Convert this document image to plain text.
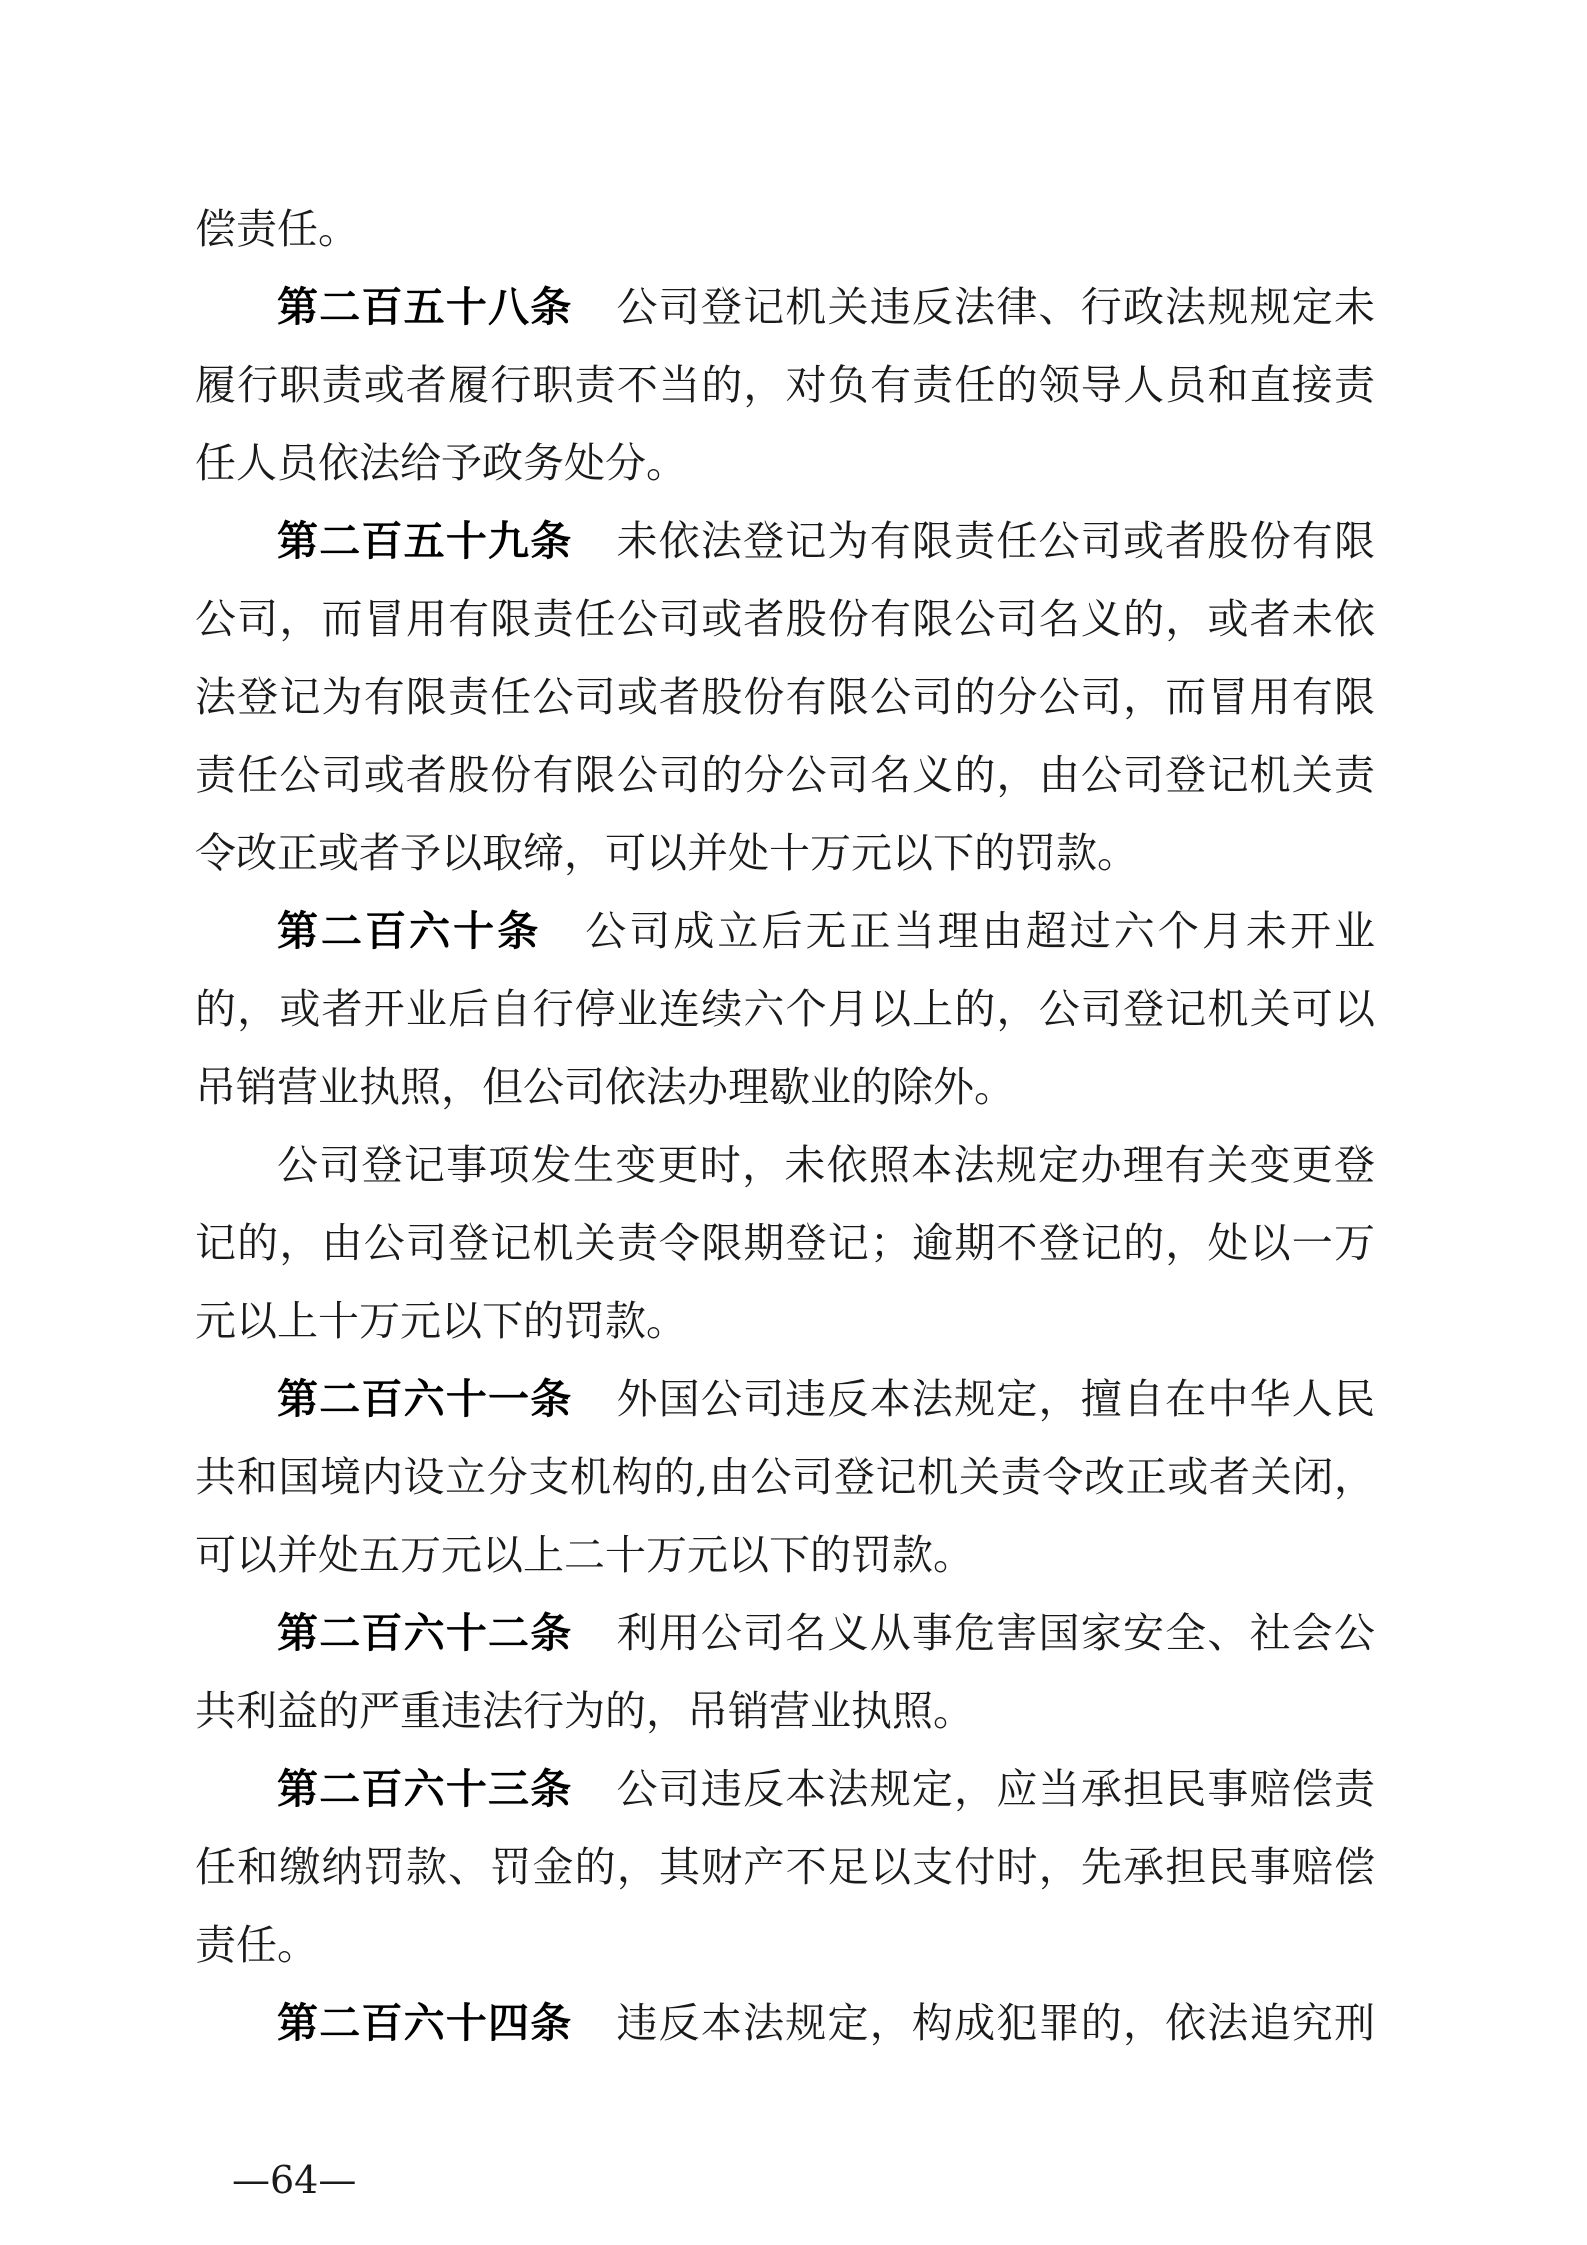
偿责任。
第二百五十八条 公司登记机关违反法律、行政法规规定未
履行职责或者履行职责不当的，对负有责任的领导人员和直接责
任人员依法给予政务处分。
第二百五十九条 未依法登记为有限责任公司或者股份有限
公司，而冒用有限责任公司或者股份有限公司名义的，或者未依
法登记为有限责任公司或者股份有限公司的分公司，而冒用有限
责任公司或者股份有限公司的分公司名义的，由公司登记机关责
令改正或者予以取缔，可以并处十万元以下的罚款。
第二百六十条 公司成立后无正当理由超过六个月未开业
的，或者开业后自行停业连续六个月以上的，公司登记机关可以
吊销营业执照，但公司依法办理歇业的除外。
公司登记事项发生变更时，未依照本法规定办理有关变更登
记的，由公司登记机关责令限期登记；逾期不登记的，处以一万
元以上十万元以下的罚款。
第二百六十一条 外国公司违反本法规定，擅自在中华人民
共和国境内设立分支机构的,由公司登记机关责令改正或者关闭，
可以并处五万元以上二十万元以下的罚款。
第二百六十二条 利用公司名义从事危害国家安全、社会公
共利益的严重违法行为的，吊销营业执照。
第二百六十三条 公司违反本法规定，应当承担民事赔偿责
任和缴纳罚款、罚金的，其财产不足以支付时，先承担民事赔偿
责任。
第二百六十四条 违反本法规定，构成犯罪的，依法追究刑
—64—
